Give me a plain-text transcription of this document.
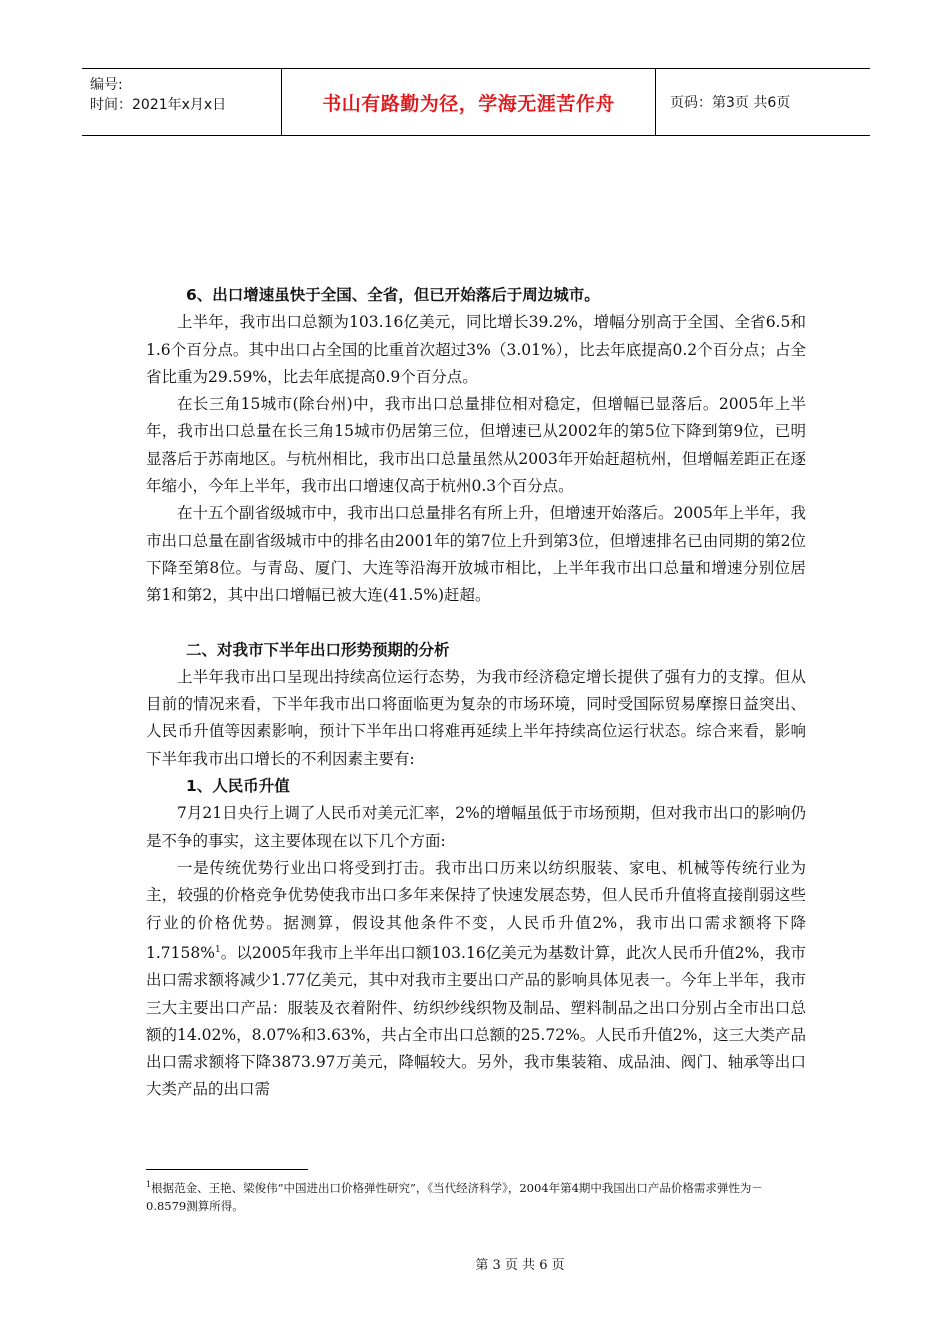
编号:
时间：2021年x月x日	书山有路勤为径，学海无涯苦作舟	页码：第3页 共6页
6、出口增速虽快于全国、全省，但已开始落后于周边城市。

上半年，我市出口总额为103.16亿美元，同比增长39.2%，增幅分别高于全国、全省6.5和1.6个百分点。其中出口占全国的比重首次超过3%（3.01%），比去年底提高0.2个百分点；占全省比重为29.59%，比去年底提高0.9个百分点。

在长三角15城市(除台州)中，我市出口总量排位相对稳定，但增幅已显落后。2005年上半年，我市出口总量在长三角15城市仍居第三位，但增速已从2002年的第5位下降到第9位，已明显落后于苏南地区。与杭州相比，我市出口总量虽然从2003年开始赶超杭州，但增幅差距正在逐年缩小，今年上半年，我市出口增速仅高于杭州0.3个百分点。

在十五个副省级城市中，我市出口总量排名有所上升，但增速开始落后。2005年上半年，我市出口总量在副省级城市中的排名由2001年的第7位上升到第3位，但增速排名已由同期的第2位下降至第8位。与青岛、厦门、大连等沿海开放城市相比，上半年我市出口总量和增速分别位居第1和第2，其中出口增幅已被大连(41.5%)赶超。

二、对我市下半年出口形势预期的分析

上半年我市出口呈现出持续高位运行态势，为我市经济稳定增长提供了强有力的支撑。但从目前的情况来看，下半年我市出口将面临更为复杂的市场环境，同时受国际贸易摩擦日益突出、人民币升值等因素影响，预计下半年出口将难再延续上半年持续高位运行状态。综合来看，影响下半年我市出口增长的不利因素主要有:

1、人民币升值

7月21日央行上调了人民币对美元汇率，2%的增幅虽低于市场预期，但对我市出口的影响仍是不争的事实，这主要体现在以下几个方面:

一是传统优势行业出口将受到打击。我市出口历来以纺织服装、家电、机械等传统行业为主，较强的价格竞争优势使我市出口多年来保持了快速发展态势，但人民币升值将直接削弱这些行业的价格优势。据测算，假设其他条件不变，人民币升值2%，我市出口需求额将下降1.7158%$^1$。以2005年我市上半年出口额103.16亿美元为基数计算，此次人民币升值2%，我市出口需求额将减少1.77亿美元，其中对我市主要出口产品的影响具体见表一。今年上半年，我市三大主要出口产品：服装及衣着附件、纺织纱线织物及制品、塑料制品之出口分别占全市出口总额的14.02%，8.07%和3.63%，共占全市出口总额的25.72%。人民币升值2%，这三大类产品出口需求额将下降3873.97万美元，降幅较大。另外，我市集装箱、成品油、阀门、轴承等出口大类产品的出口需

$^1$根据范金、王艳、梁俊伟“中国进出口价格弹性研究”，《当代经济科学》，2004年第4期中我国出口产品价格需求弹性为－0.8579测算所得。
第 3 页 共 6 页
